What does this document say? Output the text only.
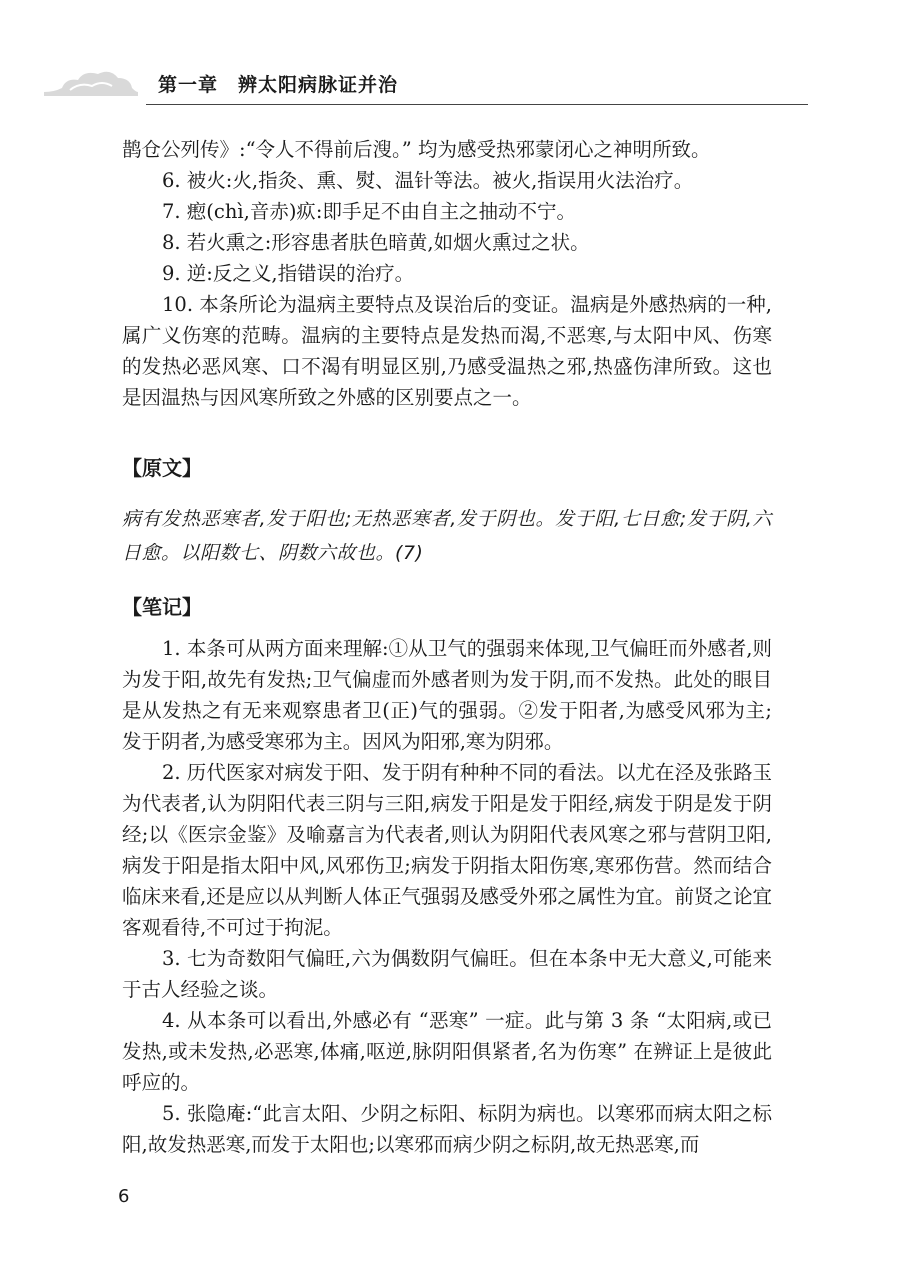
第一章　辨太阳病脉证并治

鹊仓公列传》:“令人不得前后溲。” 均为感受热邪蒙闭心之神明所致。

6. 被火:火,指灸、熏、熨、温针等法。被火,指误用火法治疗。

7. 瘛(chì,音赤)疭:即手足不由自主之抽动不宁。

8. 若火熏之:形容患者肤色暗黄,如烟火熏过之状。

9. 逆:反之义,指错误的治疗。

10. 本条所论为温病主要特点及误治后的变证。温病是外感热病的一种,属广义伤寒的范畴。温病的主要特点是发热而渴,不恶寒,与太阳中风、伤寒的发热必恶风寒、口不渴有明显区别,乃感受温热之邪,热盛伤津所致。这也是因温热与因风寒所致之外感的区别要点之一。

【原文】

病有发热恶寒者,发于阳也;无热恶寒者,发于阴也。发于阳,七日愈;发于阴,六日愈。以阳数七、阴数六故也。(7)

【笔记】

1. 本条可从两方面来理解:①从卫气的强弱来体现,卫气偏旺而外感者,则为发于阳,故先有发热;卫气偏虚而外感者则为发于阴,而不发热。此处的眼目是从发热之有无来观察患者卫(正)气的强弱。②发于阳者,为感受风邪为主;发于阴者,为感受寒邪为主。因风为阳邪,寒为阴邪。

2. 历代医家对病发于阳、发于阴有种种不同的看法。以尤在泾及张路玉为代表者,认为阴阳代表三阴与三阳,病发于阳是发于阳经,病发于阴是发于阴经;以《医宗金鉴》及喻嘉言为代表者,则认为阴阳代表风寒之邪与营阴卫阳,病发于阳是指太阳中风,风邪伤卫;病发于阴指太阳伤寒,寒邪伤营。然而结合临床来看,还是应以从判断人体正气强弱及感受外邪之属性为宜。前贤之论宜客观看待,不可过于拘泥。

3. 七为奇数阳气偏旺,六为偶数阴气偏旺。但在本条中无大意义,可能来于古人经验之谈。

4. 从本条可以看出,外感必有 “恶寒” 一症。此与第 3 条 “太阳病,或已发热,或未发热,必恶寒,体痛,呕逆,脉阴阳俱紧者,名为伤寒” 在辨证上是彼此呼应的。

5. 张隐庵:“此言太阳、少阴之标阳、标阴为病也。以寒邪而病太阳之标阳,故发热恶寒,而发于太阳也;以寒邪而病少阴之标阴,故无热恶寒,而

6
